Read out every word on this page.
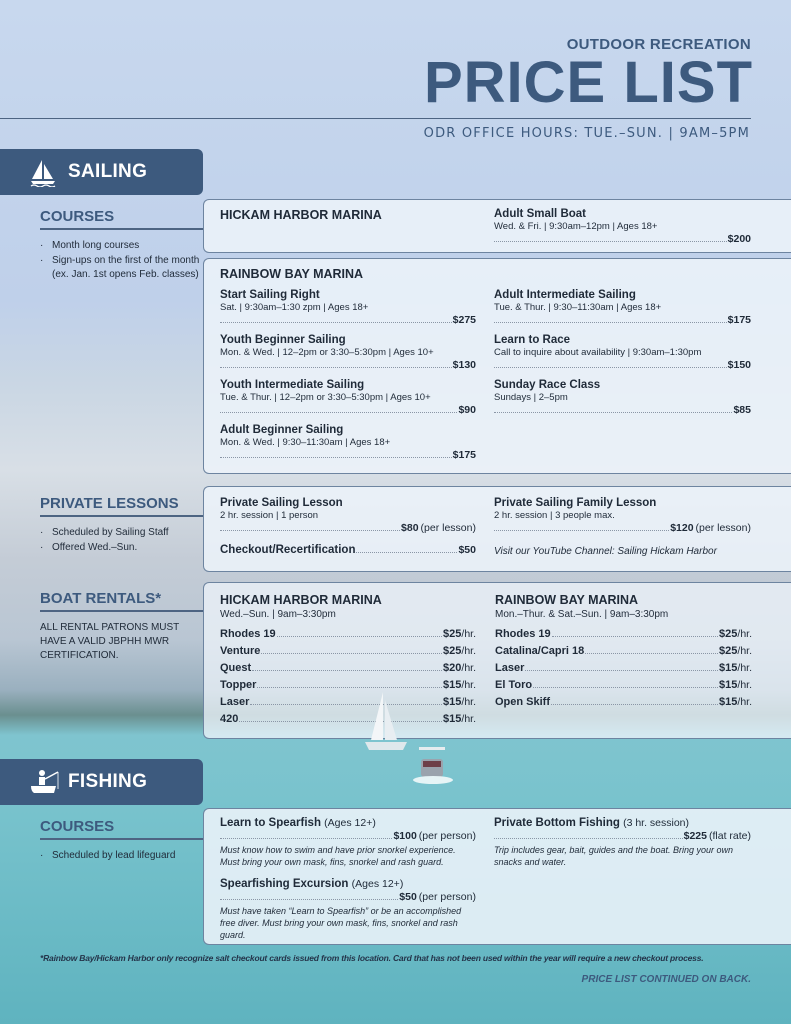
OUTDOOR RECREATION
PRICE LIST
ODR OFFICE HOURS: TUE.–SUN. | 9AM–5PM
SAILING
COURSES
· Month long courses
· Sign-ups on the first of the month (ex. Jan. 1st opens Feb. classes)
HICKAM HARBOR MARINA	Adult Small Boat
Wed. & Fri. | 9:30am–12pm | Ages 18+
$200
RAINBOW BAY MARINA
Start Sailing Right
Sat. | 9:30am–1:30 zpm | Ages 18+
$275
Youth Beginner Sailing
Mon. & Wed. | 12–2pm or 3:30–5:30pm | Ages 10+
$130
Youth Intermediate Sailing
Tue. & Thur. | 12–2pm or 3:30–5:30pm | Ages 10+
$90
Adult Beginner Sailing
Mon. & Wed. | 9:30–11:30am | Ages 18+
$175
Adult Intermediate Sailing
Tue. & Thur. | 9:30–11:30am | Ages 18+
$175
Learn to Race
Call to inquire about availability | 9:30am–1:30pm
$150
Sunday Race Class
Sundays | 2–5pm
$85
PRIVATE LESSONS
· Scheduled by Sailing Staff
· Offered Wed.–Sun.
Private Sailing Lesson
2 hr. session | 1 person
$80 (per lesson)
Checkout/Recertification	$50
Private Sailing Family Lesson
2 hr. session | 3 people max.
$120 (per lesson)
Visit our YouTube Channel: Sailing Hickam Harbor
BOAT RENTALS*
ALL RENTAL PATRONS MUST HAVE A VALID JBPHH MWR CERTIFICATION.
HICKAM HARBOR MARINA
Wed.–Sun. | 9am–3:30pm
Rhodes 19	$25 /hr.
Venture	$25 /hr.
Quest	$20 /hr.
Topper	$15 /hr.
Laser	$15 /hr.
420	$15 /hr.
RAINBOW BAY MARINA
Mon.–Thur. & Sat.–Sun. | 9am–3:30pm
Rhodes 19	$25 /hr.
Catalina/Capri 18	$25 /hr.
Laser	$15 /hr.
El Toro	$15 /hr.
Open Skiff	$15 /hr.
FISHING
COURSES
· Scheduled by lead lifeguard
Learn to Spearfish (Ages 12+)
$100 (per person)
Must know how to swim and have prior snorkel experience. Must bring your own mask, fins, snorkel and rash guard.
Spearfishing Excursion (Ages 12+)
$50 (per person)
Must have taken “Learn to Spearfish” or be an accomplished free diver. Must bring your own mask, fins, snorkel and rash guard.
Private Bottom Fishing (3 hr. session)
$225 (flat rate)
Trip includes gear, bait, guides and the boat. Bring your own snacks and water.
*Rainbow Bay/Hickam Harbor only recognize salt checkout cards issued from this location. Card that has not been used within the year will require a new checkout process.
PRICE LIST CONTINUED ON BACK.
